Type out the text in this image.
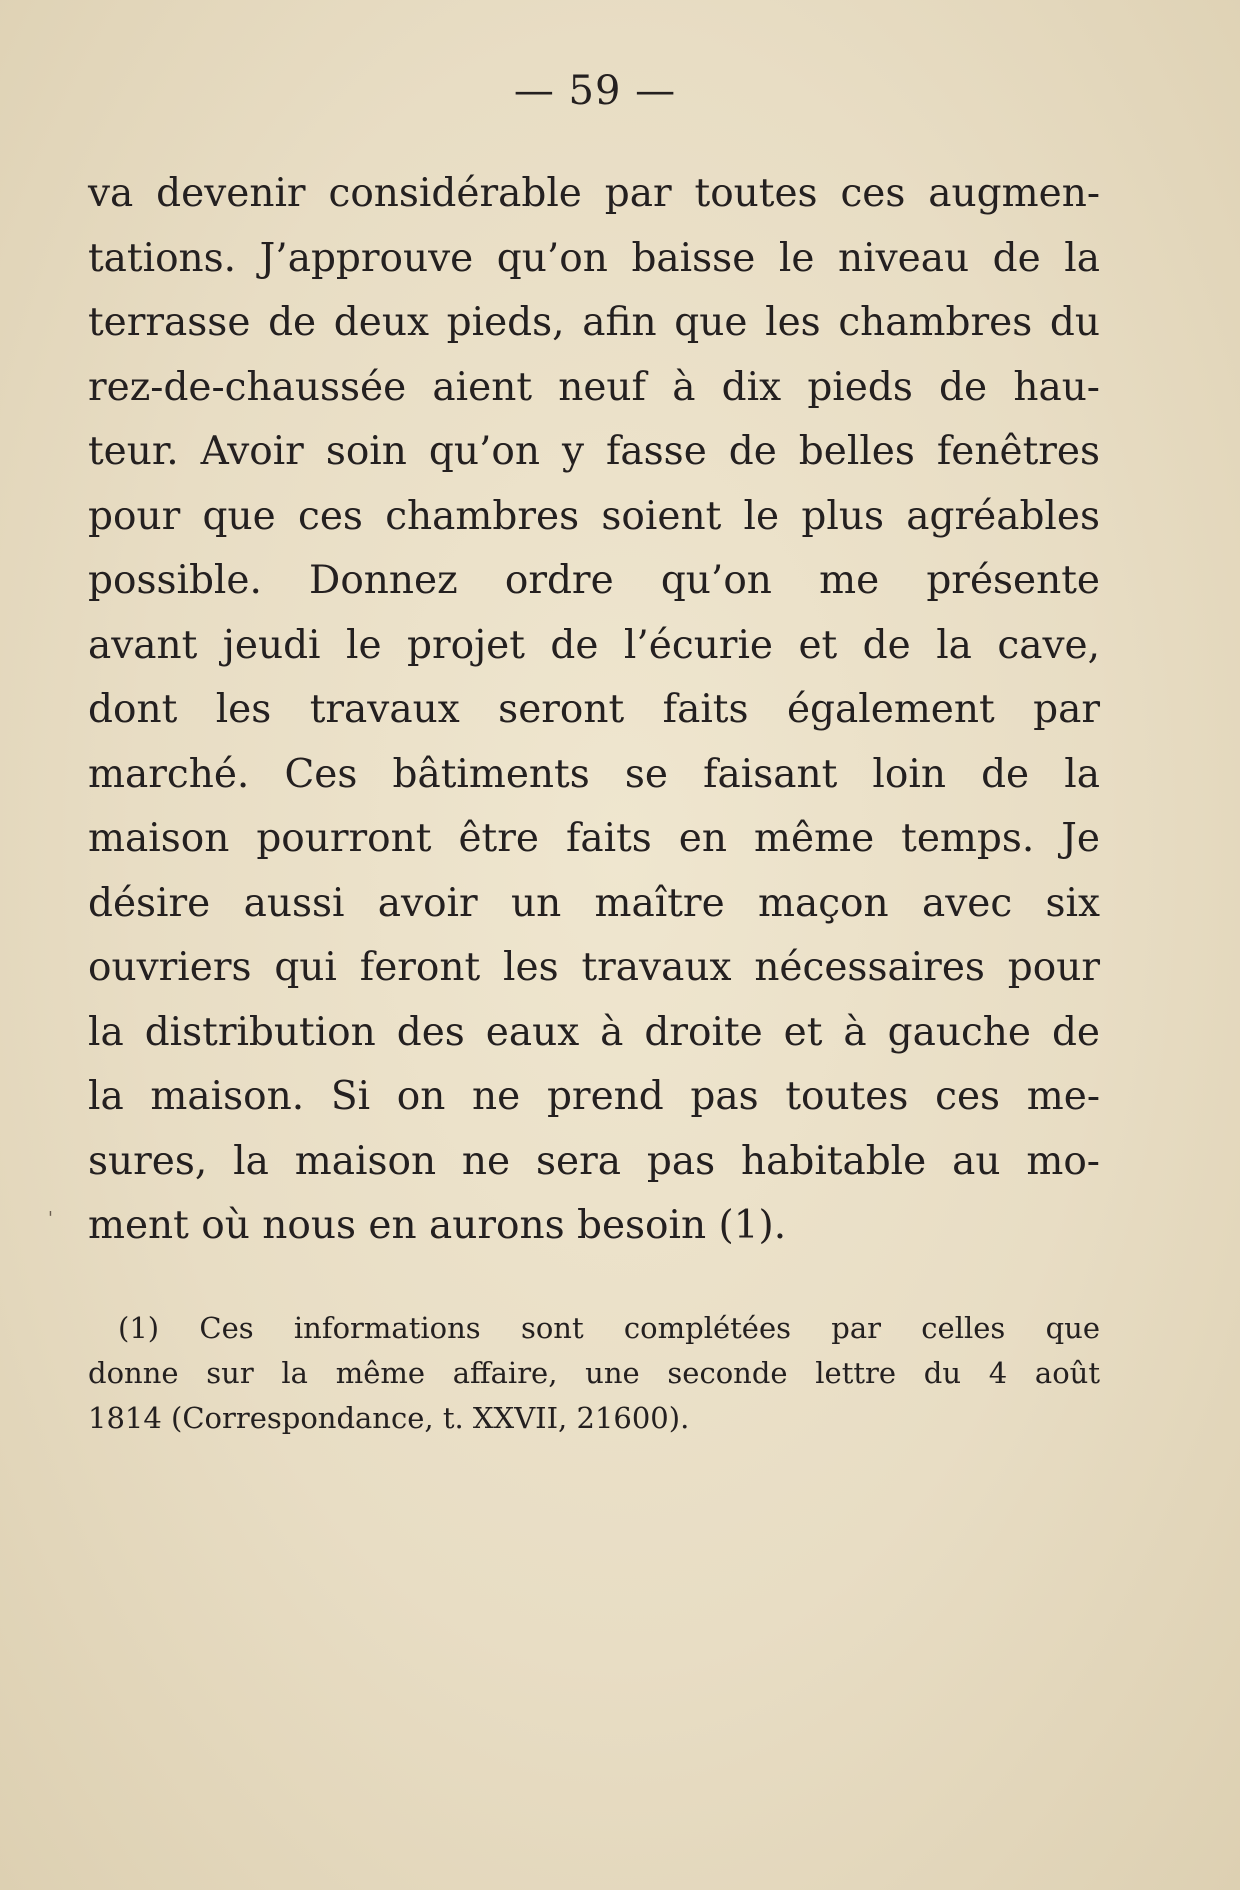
— 59 —
'
va devenir considérable par toutes ces augmen-
tations. J’approuve qu’on baisse le niveau de la
terrasse de deux pieds, afin que les chambres du
rez-de-chaussée aient neuf à dix pieds de hau-
teur. Avoir soin qu’on y fasse de belles fenêtres
pour que ces chambres soient le plus agréables
possible. Donnez ordre qu’on me présente
avant jeudi le projet de l’écurie et de la cave,
dont les travaux seront faits également par
marché. Ces bâtiments se faisant loin de la
maison pourront être faits en même temps. Je
désire aussi avoir un maître maçon avec six
ouvriers qui feront les travaux nécessaires pour
la distribution des eaux à droite et à gauche de
la maison. Si on ne prend pas toutes ces me-
sures, la maison ne sera pas habitable au mo-
ment où nous en aurons besoin (1).
(1) Ces informations sont complétées par celles que
donne sur la même affaire, une seconde lettre du 4 août
1814 (Correspondance, t. XXVII, 21600).
